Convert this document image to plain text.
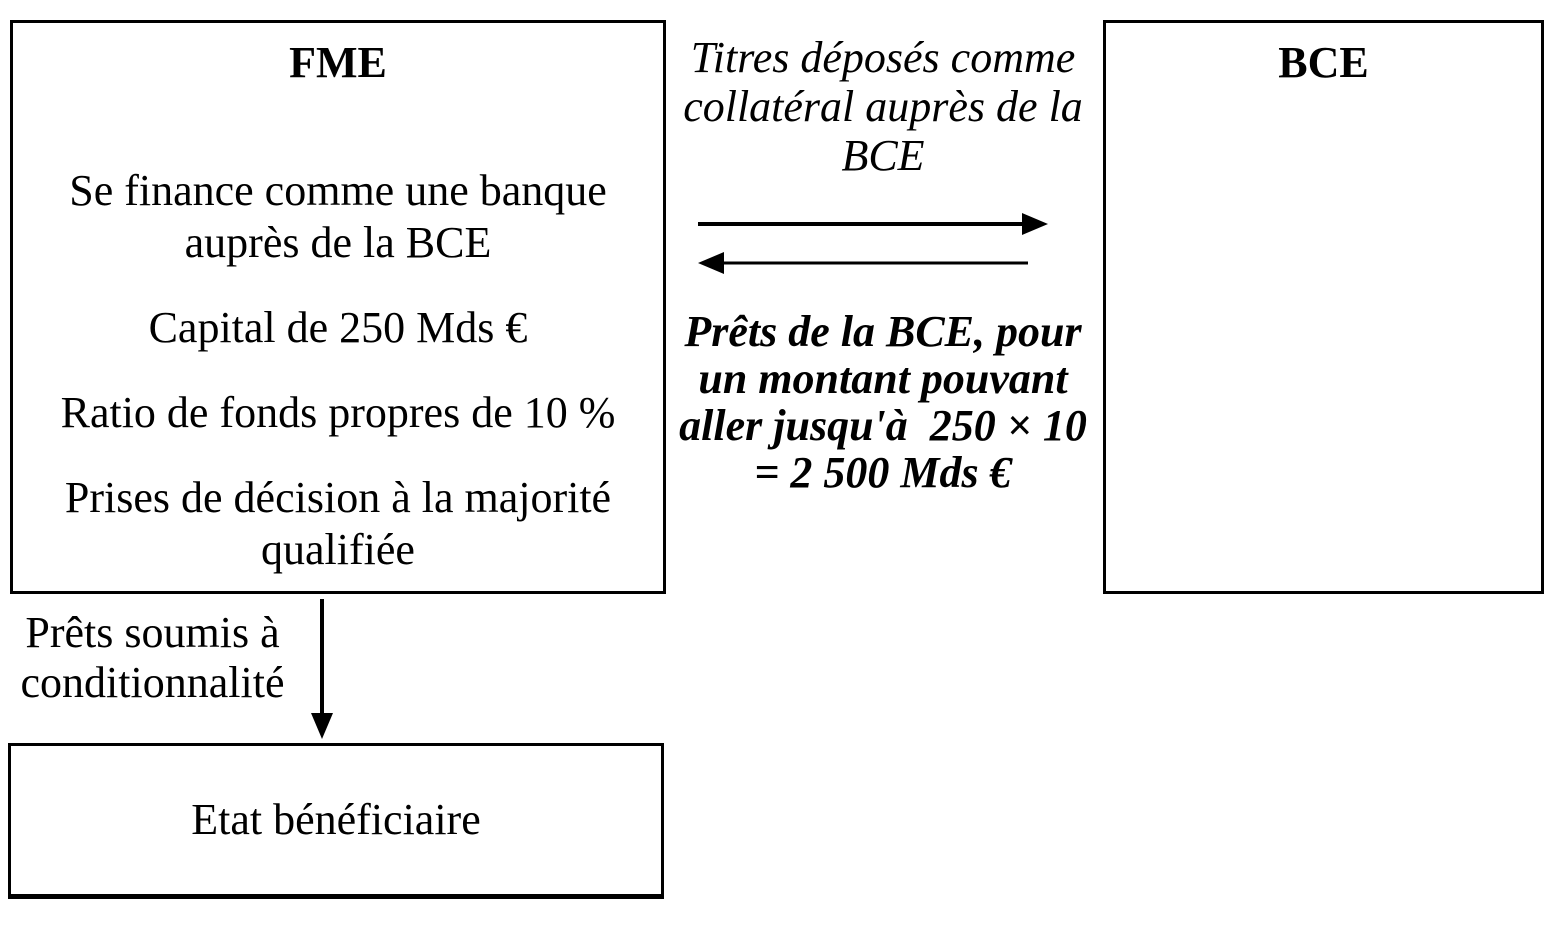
FME
Se finance comme une banque auprès de la BCE
Capital de 250 Mds €
Ratio de fonds propres de 10 %
Prises de décision à la majorité qualifiée
BCE
Titres déposés comme
collatéral auprès de la
BCE
Prêts de la BCE, pour
un montant pouvant
aller jusqu'à  250 × 10
= 2 500 Mds €
Prêts soumis à conditionnalité
Etat bénéficiaire
